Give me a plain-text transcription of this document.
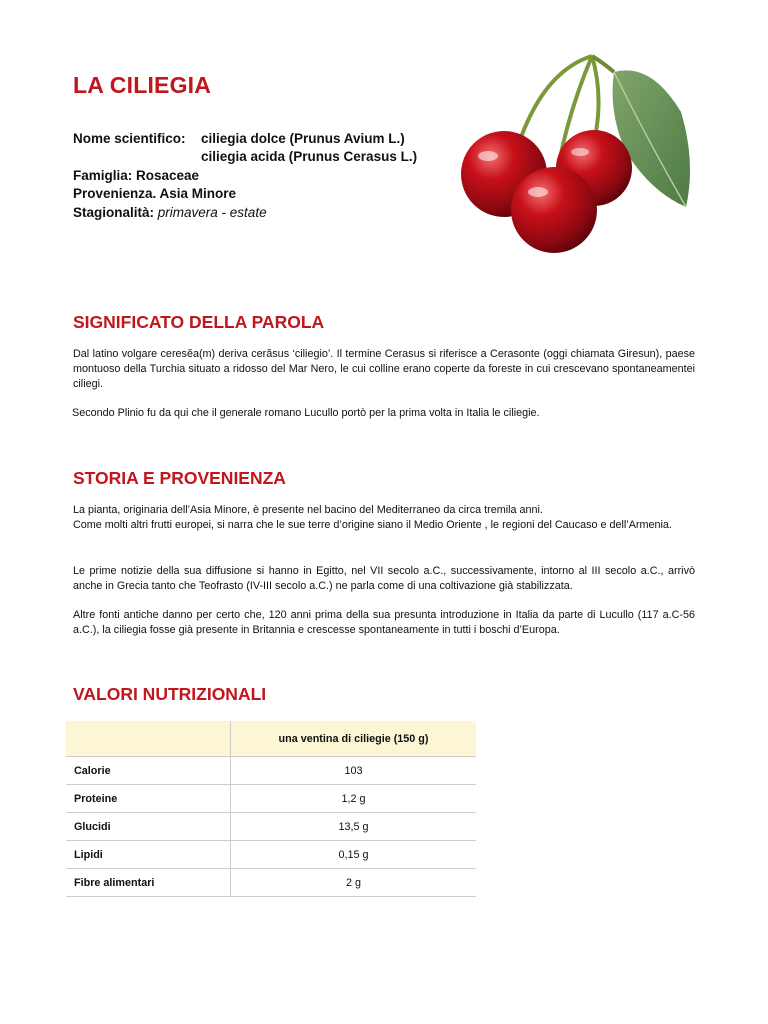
LA CILIEGIA
Nome scientifico:	ciliegia dolce (Prunus Avium L.)
ciliegia acida (Prunus Cerasus L.)
Famiglia: Rosaceae
Provenienza. Asia Minore
Stagionalità: primavera - estate
SIGNIFICATO DELLA PAROLA

Dal latino volgare ceresĕa(m) deriva cerăsus ‘ciliegio’. Il termine Cerasus si riferisce a Cerasonte (oggi chiamata Giresun), paese montuoso della Turchia situato a ridosso del Mar Nero, le cui colline erano coperte da foreste in cui crescevano spontaneamentei ciliegi.

Secondo Plinio fu da qui che il generale romano Lucullo portò per la prima volta in Italia le ciliegie.

STORIA E PROVENIENZA

La pianta, originaria dell’Asia Minore, è presente nel bacino del Mediterraneo da circa tremila anni.
Come molti altri frutti europei, si narra che le sue terre d’origine siano il Medio Oriente , le regioni del Caucaso e dell’Armenia.

Le prime notizie della sua diffusione si hanno in Egitto, nel VII secolo a.C., successivamente, intorno al III secolo a.C., arrivò anche in Grecia tanto che Teofrasto (IV-III secolo a.C.) ne parla come di una coltivazione già stabilizzata.

Altre fonti antiche danno per certo che, 120 anni prima della sua presunta introduzione in Italia da parte di Lucullo (117 a.C-56 a.C.), la ciliegia fosse già presente in Britannia e crescesse spontaneamente in tutti i boschi d’Europa.

VALORI NUTRIZIONALI
	una ventina di ciliegie (150 g)
Calorie	103
Proteine	1,2 g
Glucidi	13,5 g
Lipidi	0,15 g
Fibre alimentari	2 g
